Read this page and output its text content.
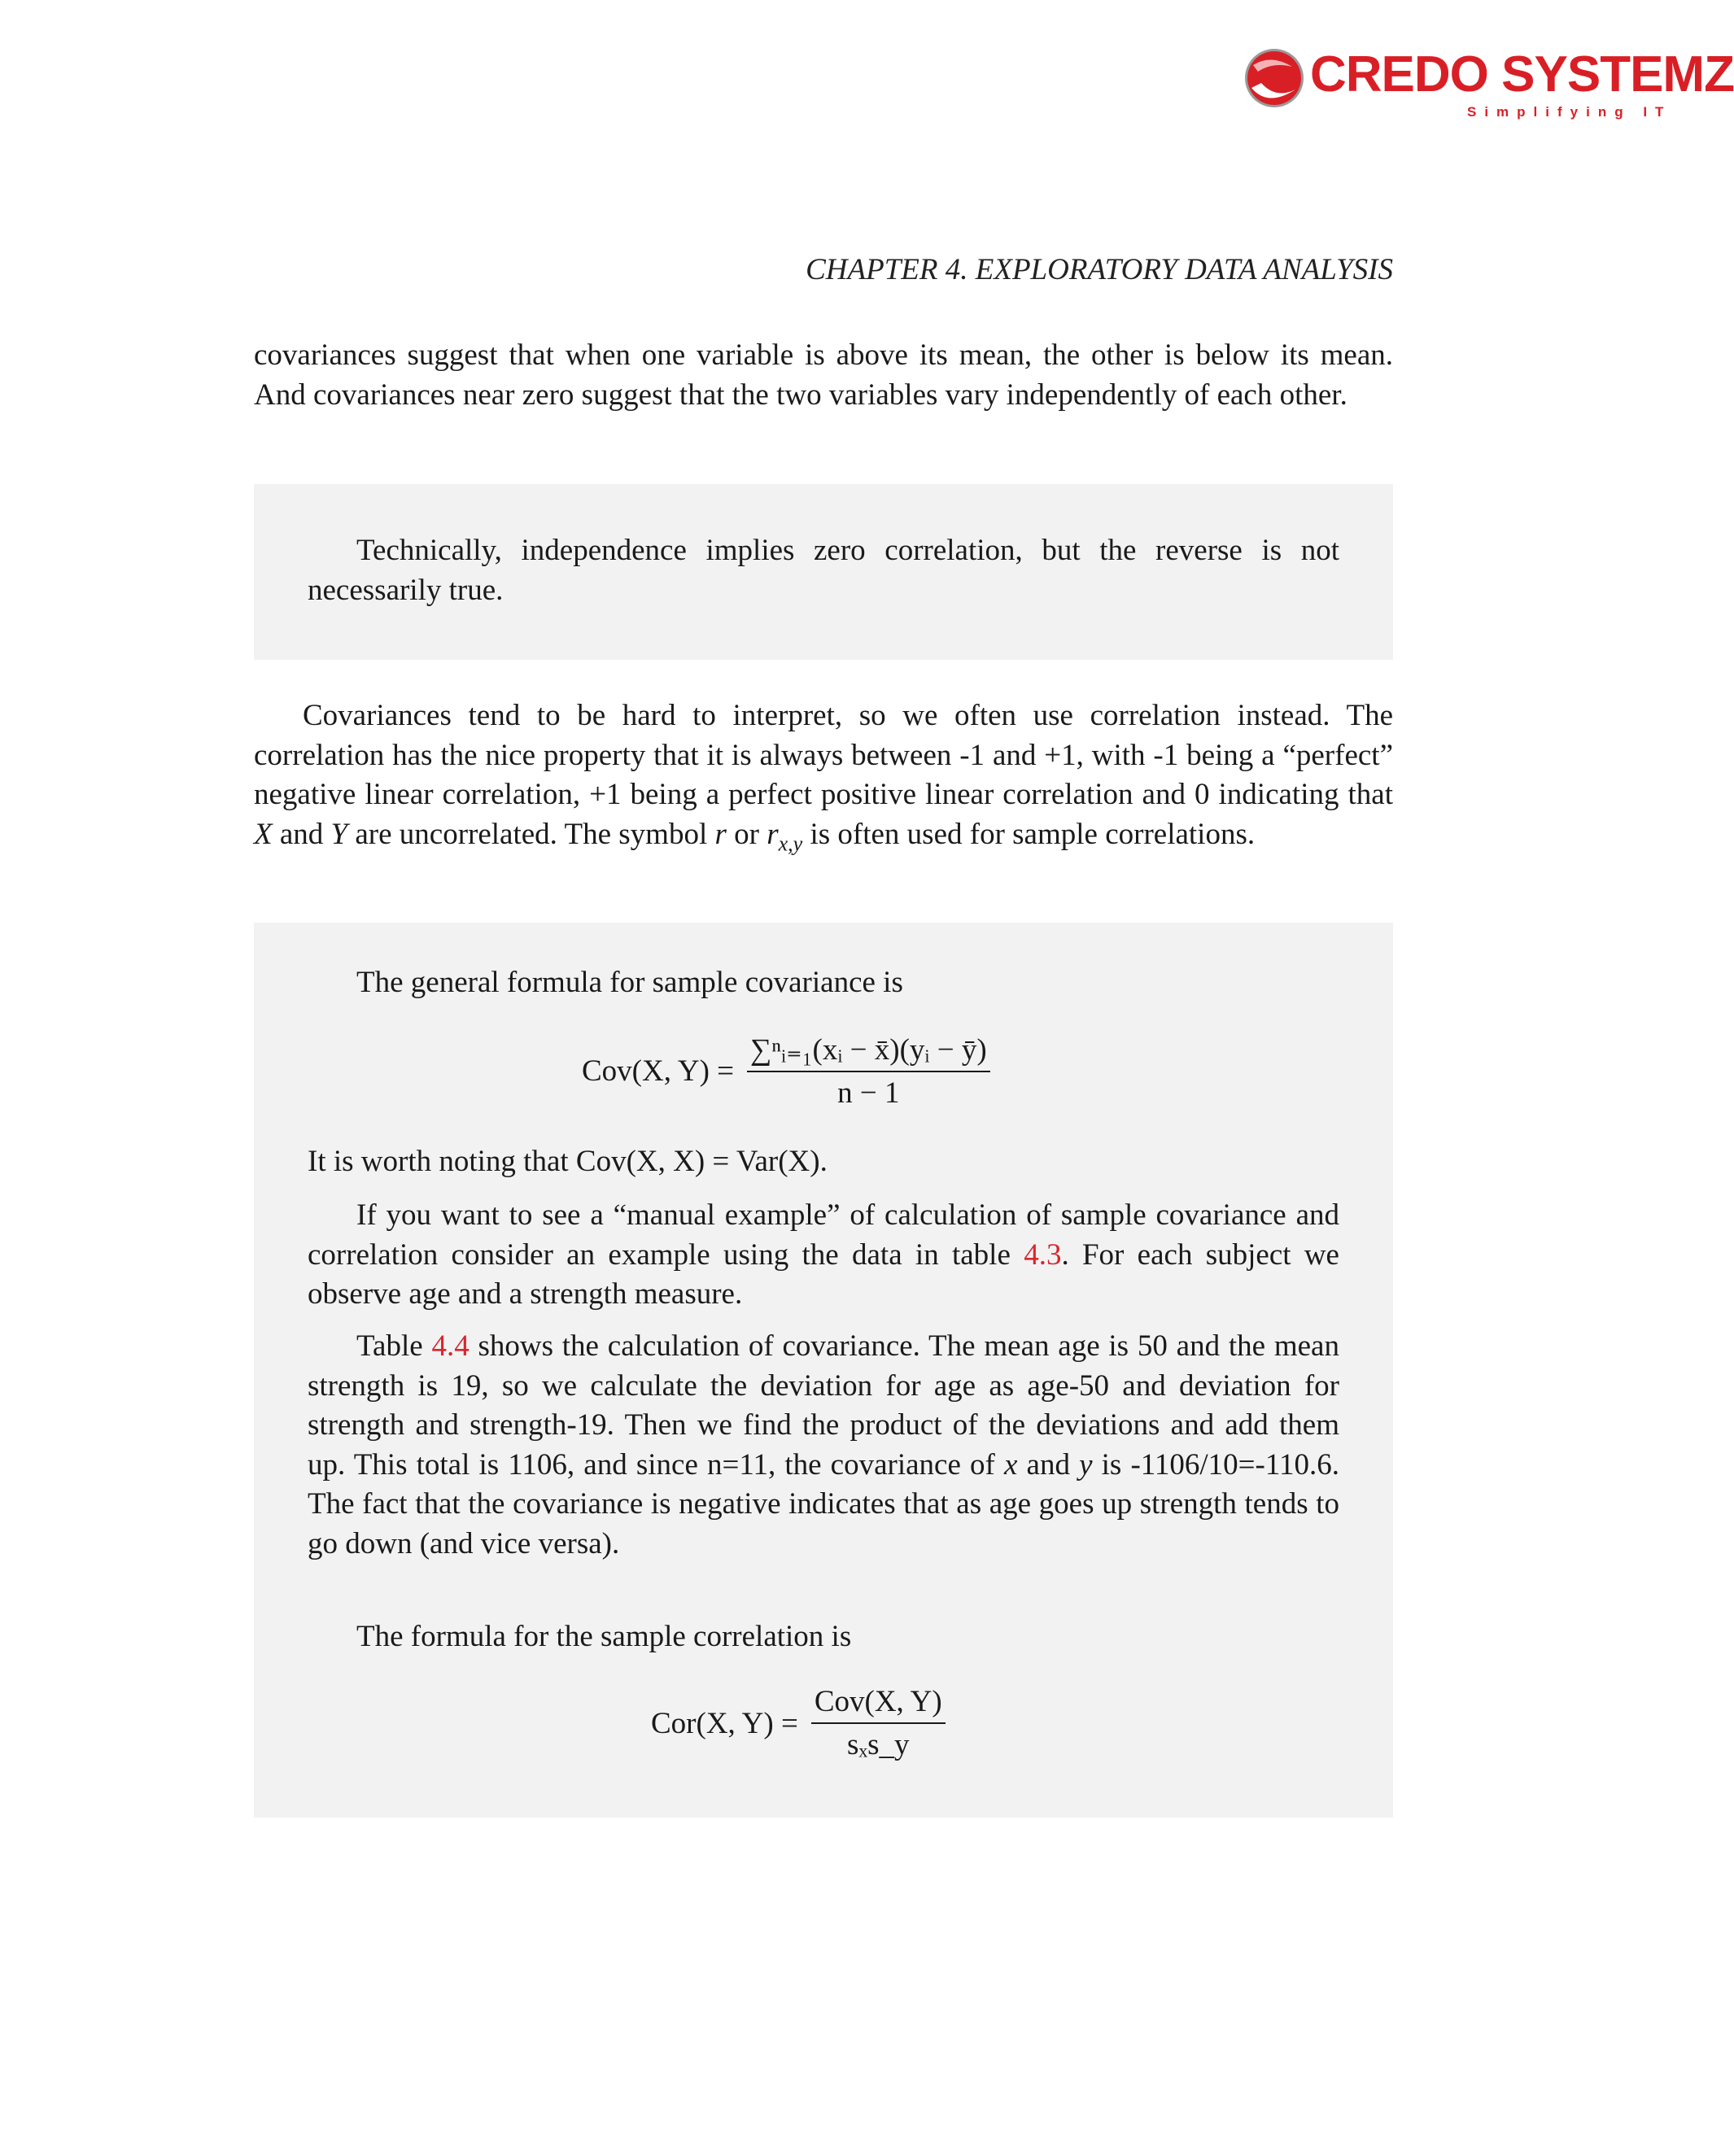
CREDO SYSTEMZ
Simplifying IT
CHAPTER 4. EXPLORATORY DATA ANALYSIS
covariances suggest that when one variable is above its mean, the other is below its mean. And covariances near zero suggest that the two variables vary independently of each other.
Technically, independence implies zero correlation, but the reverse is not necessarily true.
Covariances tend to be hard to interpret, so we often use correlation instead. The correlation has the nice property that it is always between -1 and +1, with -1 being a “perfect” negative linear correlation, +1 being a perfect positive linear correlation and 0 indicating that X and Y are uncorrelated. The symbol r or $r_{x,y}$ is often used for sample correlations.
The general formula for sample covariance is
Cov(X, $Y) = \frac{\text{∑ⁿᵢ₌₁(xᵢ − x̄)(yᵢ − ȳ)}}{n - 1}$
It is worth noting that Cov(X, X) = Var(X).
If you want to see a “manual example” of calculation of sample covariance and correlation consider an example using the data in table 4.3. For each subject we observe age and a strength measure.
Table 4.4 shows the calculation of covariance. The mean age is 50 and the mean strength is 19, so we calculate the deviation for age as age-50 and deviation for strength and strength-19. Then we find the product of the deviations and add them up. This total is 1106, and since n=11, the covariance of x and y is -1106/10=-110.6. The fact that the covariance is negative indicates that as age goes up strength tends to go down (and vice versa).
The formula for the sample correlation is
Cor(X, $Y) = \frac{\text{Cov(X, Y)}}{\text{sₓs\_y}}$
